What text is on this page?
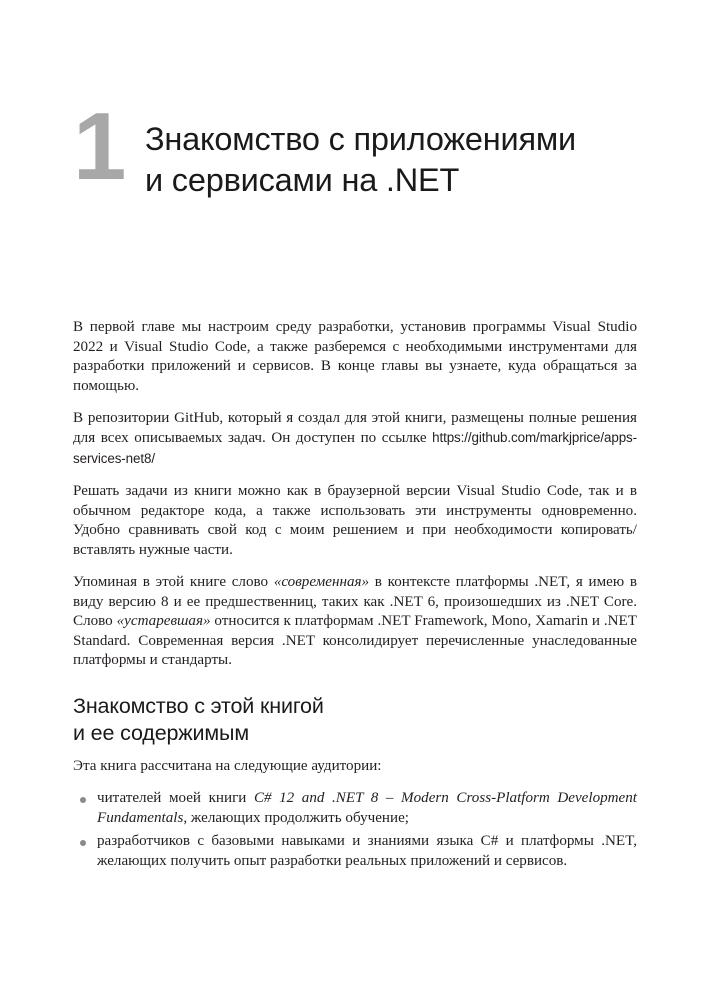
1 Знакомство с приложениями
и сервисами на .NET

В первой главе мы настроим среду разработки, установив программы Visual Studio 2022 и Visual Studio Code, а также разберемся с необходимыми инструментами для разработки приложений и сервисов. В конце главы вы узнаете, куда обращаться за помощью.

В репозитории GitHub, который я создал для этой книги, размещены полные решения для всех описываемых задач. Он доступен по ссылке https://github.com/markjprice/apps-services-net8/

Решать задачи из книги можно как в браузерной версии Visual Studio Code, так и в обычном редакторе кода, а также использовать эти инструменты одновременно. Удобно сравнивать свой код с моим решением и при необходимости копировать/вставлять нужные части.

Упоминая в этой книге слово «современная» в контексте платформы .NET, я имею в виду версию 8 и ее предшественниц, таких как .NET 6, произошедших из .NET Core. Слово «устаревшая» относится к платформам .NET Framework, Mono, Xamarin и .NET Standard. Современная версия .NET консолидирует перечисленные унаследованные платформы и стандарты.

Знакомство с этой книгой
и ее содержимым

Эта книга рассчитана на следующие аудитории:

читателей моей книги C# 12 and .NET 8 – Modern Cross-Platform Development Fundamentals, желающих продолжить обучение;
разработчиков с базовыми навыками и знаниями языка C# и платформы .NET, желающих получить опыт разработки реальных приложений и сервисов.
